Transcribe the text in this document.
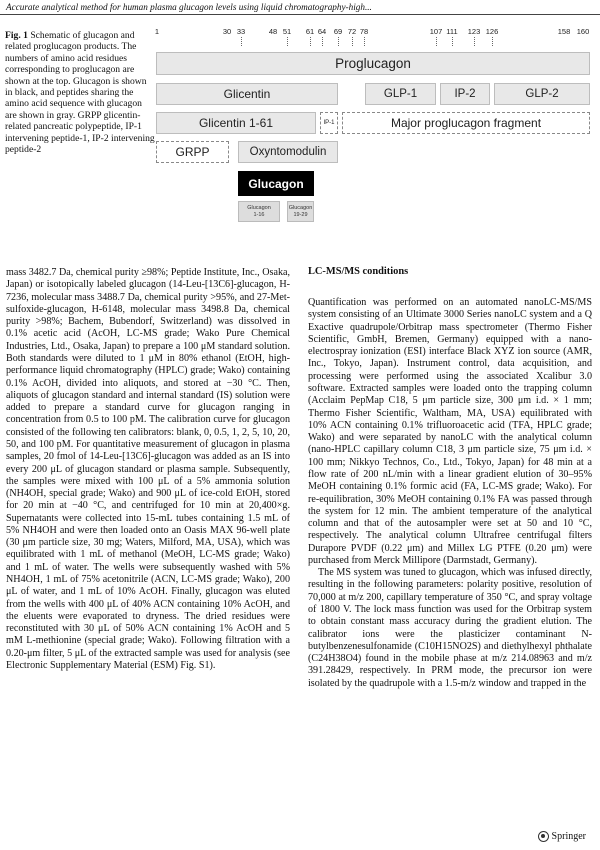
Accurate analytical method for human plasma glucagon levels using liquid chromatography-high...
Fig. 1 Schematic of glucagon and related proglucagon products. The numbers of amino acid residues corresponding to proglucagon are shown at the top. Glucagon is shown in black, and peptides sharing the amino acid sequence with glucagon are shown in gray. GRPP glicentin-related pancreatic polypeptide, IP-1 intervening peptide-1, IP-2 intervening peptide-2
1	30 33	48 51 61 64 69 72 78	107 111 123 126	158 160
Proglucagon
Glicentin	GLP-1	IP-2	GLP-2
Glicentin 1-61	IP-1	Major proglucagon fragment
GRPP	Oxyntomodulin
Glucagon
Glucagon
1-16
Glucagon
19-29

mass 3482.7 Da, chemical purity ≥98%; Peptide Institute, Inc., Osaka, Japan) or isotopically labeled glucagon (14-Leu-[13C6]-glucagon, H-7236, molecular mass 3488.7 Da, chemical purity >95%, and 27-Met-sulfoxide-glucagon, H-6148, molecular mass 3498.8 Da, chemical purity >98%; Bachem, Bubendorf, Switzerland) was dissolved in 0.1% acetic acid (AcOH, LC-MS grade; Wako Pure Chemical Industries, Ltd., Osaka, Japan) to prepare a 100 μM standard solution. Both standards were diluted to 1 μM in 80% ethanol (EtOH, high-performance liquid chromatography (HPLC) grade; Wako) containing 0.1% AcOH, divided into aliquots, and stored at −30 °C. Then, aliquots of glucagon standard and internal standard (IS) solution were added to prepare a standard curve for glucagon ranging in concentration from 0.5 to 100 pM. The calibration curve for glucagon consisted of the following ten calibrators: blank, 0, 0.5, 1, 2, 5, 10, 20, 50, and 100 pM. For quantitative measurement of glucagon in plasma samples, 20 fmol of 14-Leu-[13C6]-glucagon was added as an IS into every 200 μL of glucagon standard or plasma sample. Subsequently, the samples were mixed with 100 μL of a 5% ammonia solution (NH4OH, special grade; Wako) and 900 μL of ice-cold EtOH, stored for 20 min at −40 °C, and centrifuged for 10 min at 20,400×g. Supernatants were collected into 15-mL tubes containing 1.5 mL of 5% NH4OH and were then loaded onto an Oasis MAX 96-well plate (30 μm particle size, 30 mg; Waters, Milford, MA, USA), which was equilibrated with 1 mL of methanol (MeOH, LC-MS grade; Wako) and 1 mL of water. The wells were subsequently washed with 5% NH4OH, 1 mL of 75% acetonitrile (ACN, LC-MS grade; Wako), 200 μL of water, and 1 mL of 10% AcOH. Finally, glucagon was eluted from the wells with 400 μL of 40% ACN containing 10% AcOH, and the eluents were evaporated to dryness. The dried residues were reconstituted with 30 μL of 50% ACN containing 1% AcOH and 5 mM L-methionine (special grade; Wako). Following filtration with a 0.20-μm filter, 5 μL of the extracted sample was used for analysis (see Electronic Supplementary Material (ESM) Fig. S1).

LC-MS/MS conditions

Quantification was performed on an automated nanoLC-MS/MS system consisting of an Ultimate 3000 Series nanoLC system and a Q Exactive quadrupole/Orbitrap mass spectrometer (Thermo Fisher Scientific, GmbH, Bremen, Germany) equipped with a nano-electrospray ionization (ESI) interface Black XYZ ion source (AMR, Inc., Tokyo, Japan). Instrument control, data acquisition, and processing were performed using the associated Xcalibur 3.0 software. Extracted samples were loaded onto the trapping column (Acclaim PepMap C18, 5 μm particle size, 300 μm i.d. × 1 mm; Thermo Fisher Scientific, Waltham, MA, USA) equilibrated with 10% ACN containing 0.1% trifluoroacetic acid (TFA, HPLC grade; Wako) and were separated by nanoLC with the analytical column (nano-HPLC capillary column C18, 3 μm particle size, 75 μm i.d. × 100 mm; Nikkyo Technos, Co., Ltd., Tokyo, Japan) for 48 min at a flow rate of 200 nL/min with a linear gradient elution of 30–95% MeOH containing 0.1% formic acid (FA, LC-MS grade; Wako). For re-equilibration, 30% MeOH containing 0.1% FA was passed through the system for 12 min. The ambient temperature of the analytical column and that of the autosampler were set at 50 and 10 °C, respectively. The analytical column Ultrafree centrifugal filters Durapore PVDF (0.22 μm) and Millex LG PTFE (0.20 μm) were purchased from Merck Millipore (Darmstadt, Germany).

The MS system was tuned to glucagon, which was infused directly, resulting in the following parameters: polarity positive, resolution of 70,000 at m/z 200, capillary temperature of 350 °C, and spray voltage of 1800 V. The lock mass function was used for the Orbitrap system to obtain constant mass accuracy during the gradient elution. The calibrator ions were the plasticizer contaminant N-butylbenzenesulfonamide (C10H15NO2S) and diethylhexyl phthalate (C24H38O4) found in the mobile phase at m/z 214.08963 and m/z 391.28429, respectively. In PRM mode, the precursor ion were isolated by the quadrupole with a 1.5-m/z window and trapped in the

Springer
